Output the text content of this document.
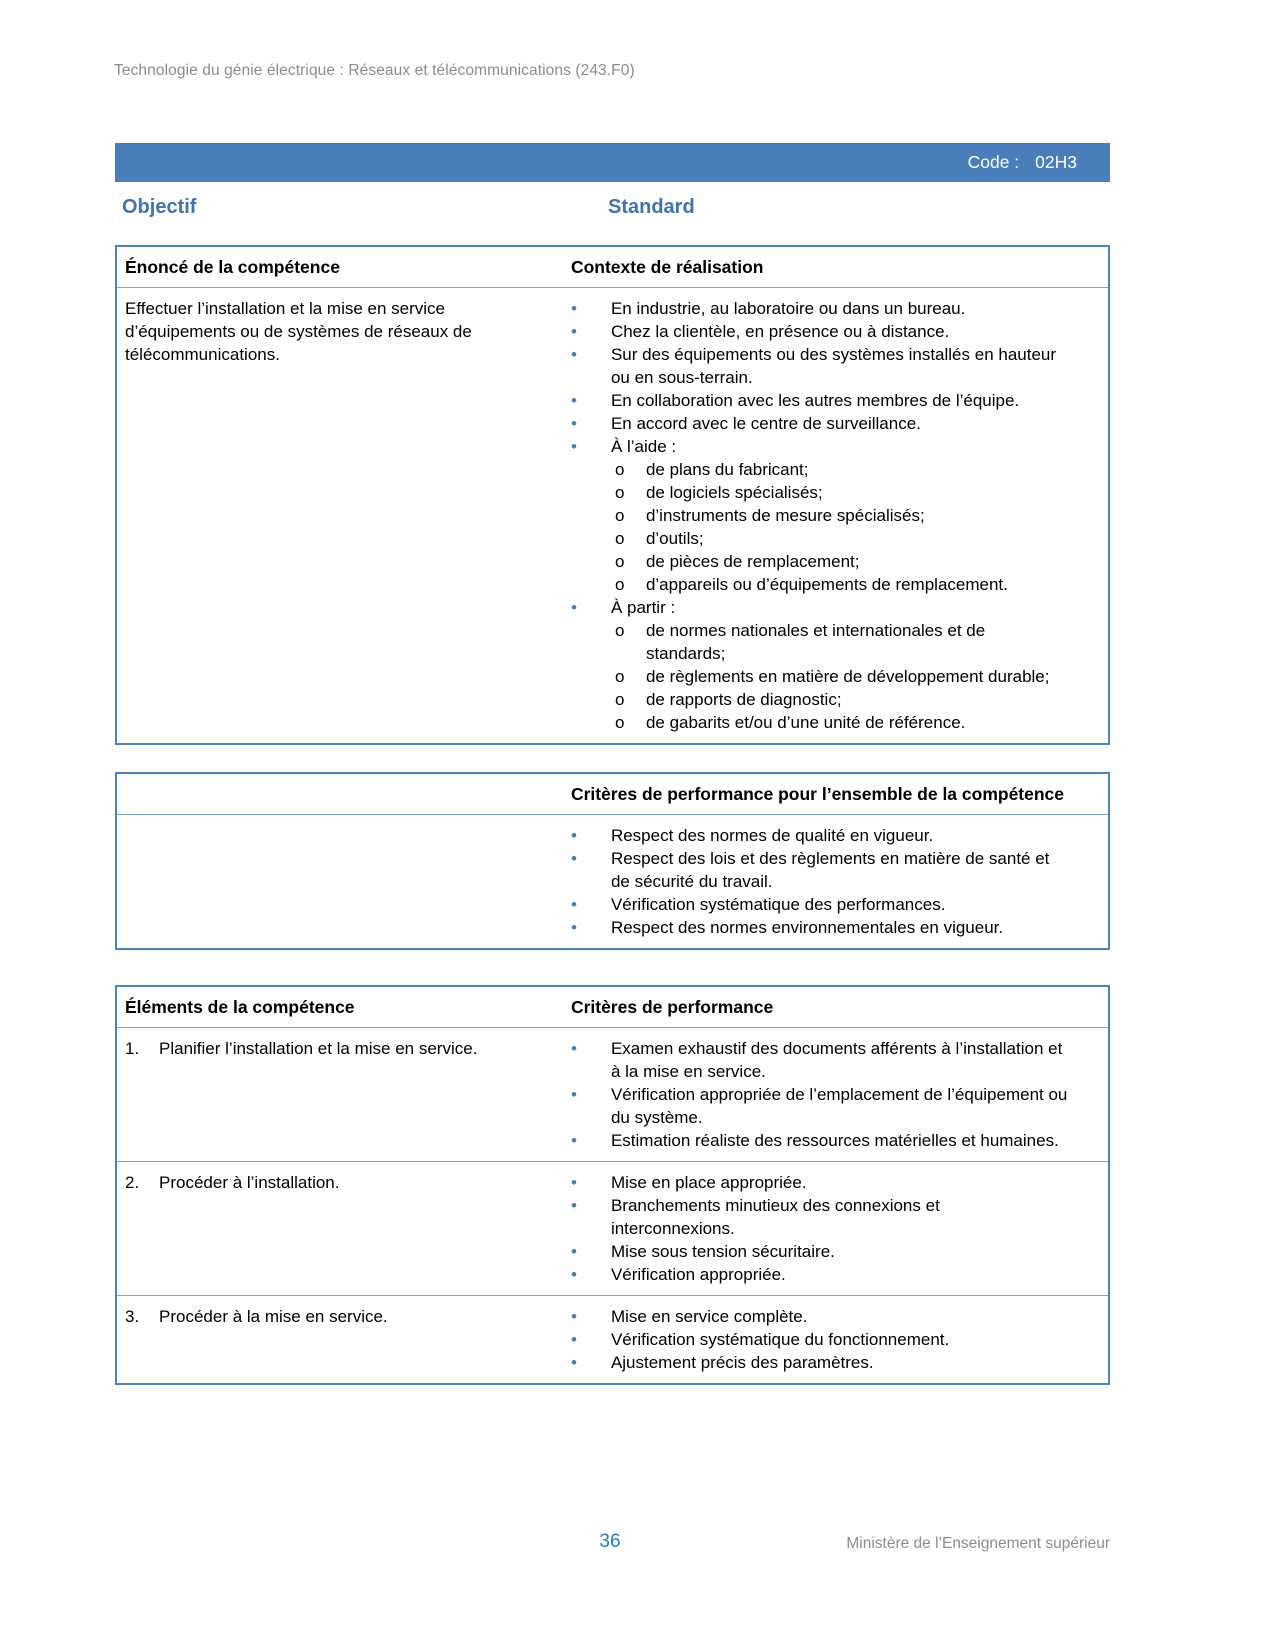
Technologie du génie électrique : Réseaux et télécommunications (243.F0)
Code : 02H3
Objectif	Standard
Énoncé de la compétence	Contexte de réalisation
Effectuer l’installation et la mise en service d’équipements ou de systèmes de réseaux de télécommunications.
•	En industrie, au laboratoire ou dans un bureau.
•	Chez la clientèle, en présence ou à distance.
•	Sur des équipements ou des systèmes installés en hauteur ou en sous-terrain.
•	En collaboration avec les autres membres de l’équipe.
•	En accord avec le centre de surveillance.
•	À l’aide :
o	de plans du fabricant;
o	de logiciels spécialisés;
o	d’instruments de mesure spécialisés;
o	d’outils;
o	de pièces de remplacement;
o	d’appareils ou d’équipements de remplacement.
•	À partir :
o	de normes nationales et internationales et de standards;
o	de règlements en matière de développement durable;
o	de rapports de diagnostic;
o	de gabarits et/ou d’une unité de référence.
Critères de performance pour l’ensemble de la compétence
•	Respect des normes de qualité en vigueur.
•	Respect des lois et des règlements en matière de santé et de sécurité du travail.
•	Vérification systématique des performances.
•	Respect des normes environnementales en vigueur.
Éléments de la compétence	Critères de performance
1.	Planifier l’installation et la mise en service.	•	Examen exhaustif des documents afférents à l’installation et à la mise en service.
•	Vérification appropriée de l’emplacement de l’équipement ou du système.
•	Estimation réaliste des ressources matérielles et humaines.
2.	Procéder à l’installation.	•	Mise en place appropriée.
•	Branchements minutieux des connexions et interconnexions.
•	Mise sous tension sécuritaire.
•	Vérification appropriée.
3.	Procéder à la mise en service.	•	Mise en service complète.
•	Vérification systématique du fonctionnement.
•	Ajustement précis des paramètres.
36	Ministère de l’Enseignement supérieur
